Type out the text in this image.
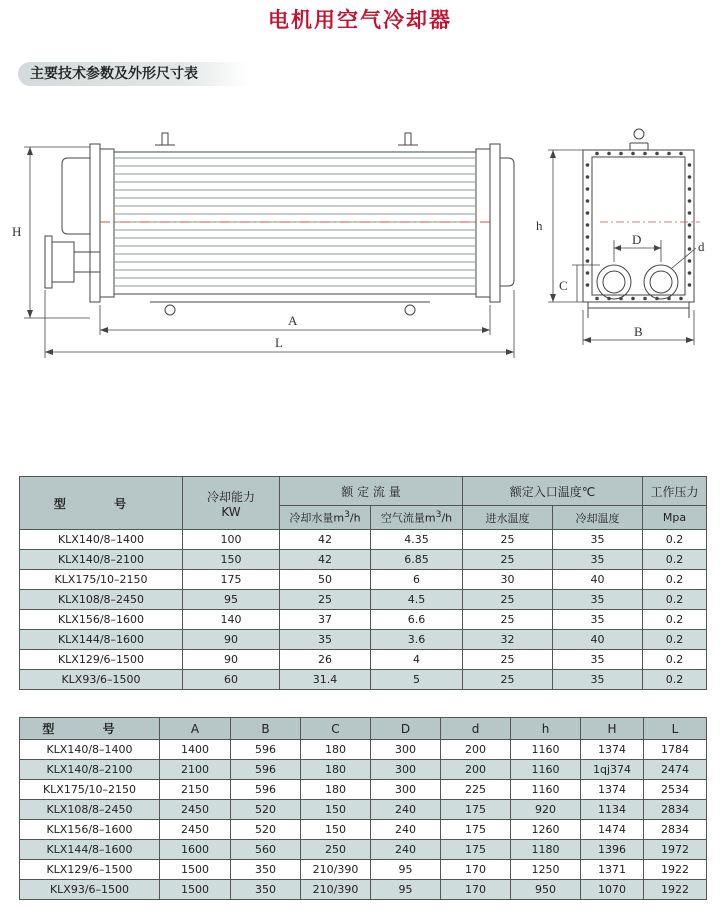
电机用空气冷却器
主要技术参数及外形尺寸表
H
A
L
h
D	d
C
B
型 号	冷却能力
KW	额 定 流 量		额定入口温度℃		工作压力
		冷却水量$m^3/h$	空气流量$m^3/h$	进水温度	冷却温度	Mpa
KLX140/8–1400	100	42	4.35	25	35	0.2
KLX140/8–2100	150	42	6.85	25	35	0.2
KLX175/10–2150	175	50	6	30	40	0.2
KLX108/8–2450	95	25	4.5	25	35	0.2
KLX156/8–1600	140	37	6.6	25	35	0.2
KLX144/8–1600	90	35	3.6	32	40	0.2
KLX129/6–1500	90	26	4	25	35	0.2
KLX93/6–1500	60	31.4	5	25	35	0.2
型 号	A	B	C	D	d	h	H	L
KLX140/8–1400	1400	596	180	300	200	1160	1374	1784
KLX140/8–2100	2100	596	180	300	200	1160	1qj374	2474
KLX175/10–2150	2150	596	180	300	225	1160	1374	2534
KLX108/8–2450	2450	520	150	240	175	920	1134	2834
KLX156/8–1600	2450	520	150	240	175	1260	1474	2834
KLX144/8–1600	1600	560	250	240	175	1180	1396	1972
KLX129/6–1500	1500	350	210/390	95	170	1250	1371	1922
KLX93/6–1500	1500	350	210/390	95	170	950	1070	1922
